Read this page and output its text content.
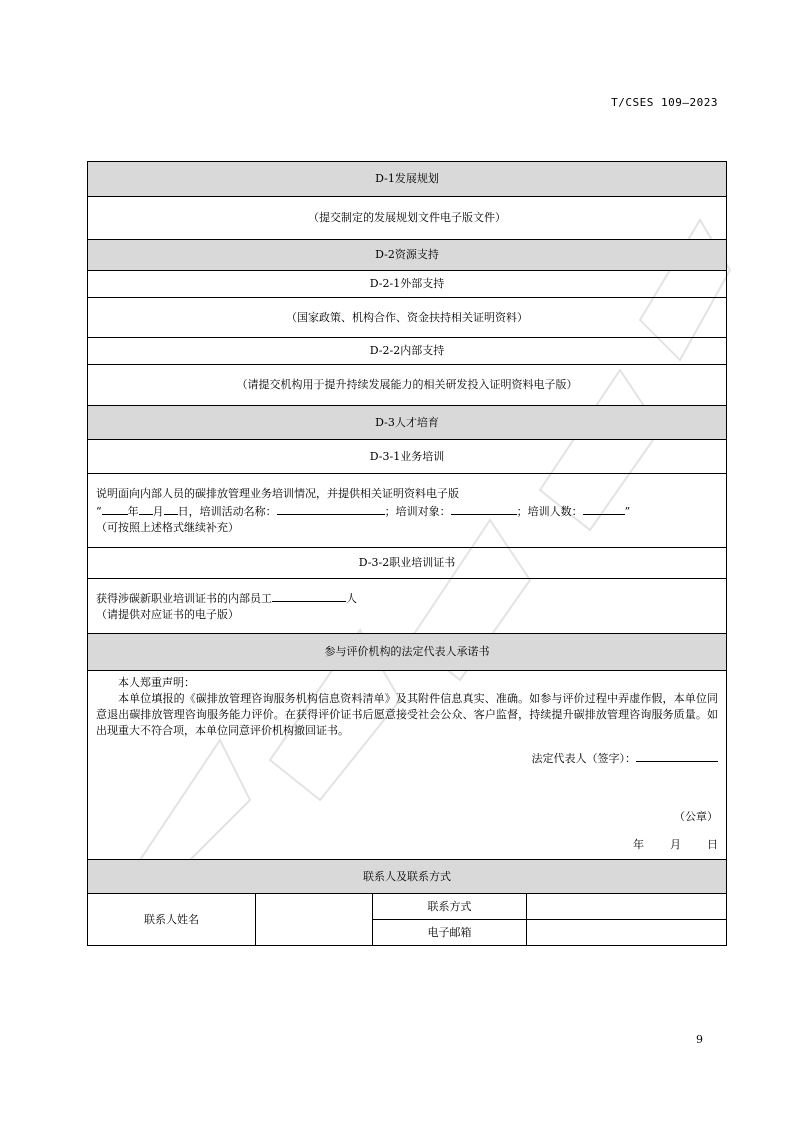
T/CSES 109—2023
D-1发展规划			
（提交制定的发展规划文件电子版文件）			
D-2资源支持			
D-2-1外部支持			
（国家政策、机构合作、资金扶持相关证明资料）			
D-2-2内部支持			
（请提交机构用于提升持续发展能力的相关研发投入证明资料电子版）			
D-3人才培育			
D-3-1业务培训			

说明面向内部人员的碳排放管理业务培训情况，并提供相关证明资料电子版
“ 年 月 日，培训活动名称： ；培训对象： ；培训人数： ”
（可按照上述格式继续补充）			

D-3-2职业培训证书			

获得涉碳新职业培训证书的内部员工 人
（请提供对应证书的电子版）			

参与评价机构的法定代表人承诺书			

本人郑重声明：
本单位填报的《碳排放管理咨询服务机构信息资料清单》及其附件信息真实、准确。如参与评价过程中弄虚作假，本单位同意退出碳排放管理咨询服务能力评价。在获得评价证书后愿意接受社会公众、客户监督，持续提升碳排放管理咨询服务质量。如出现重大不符合项，本单位同意评价机构撤回证书。
法定代表人（签字）：
（公章）
年 月 日			

联系人及联系方式			
联系人姓名		联系方式	
		电子邮箱	
9
